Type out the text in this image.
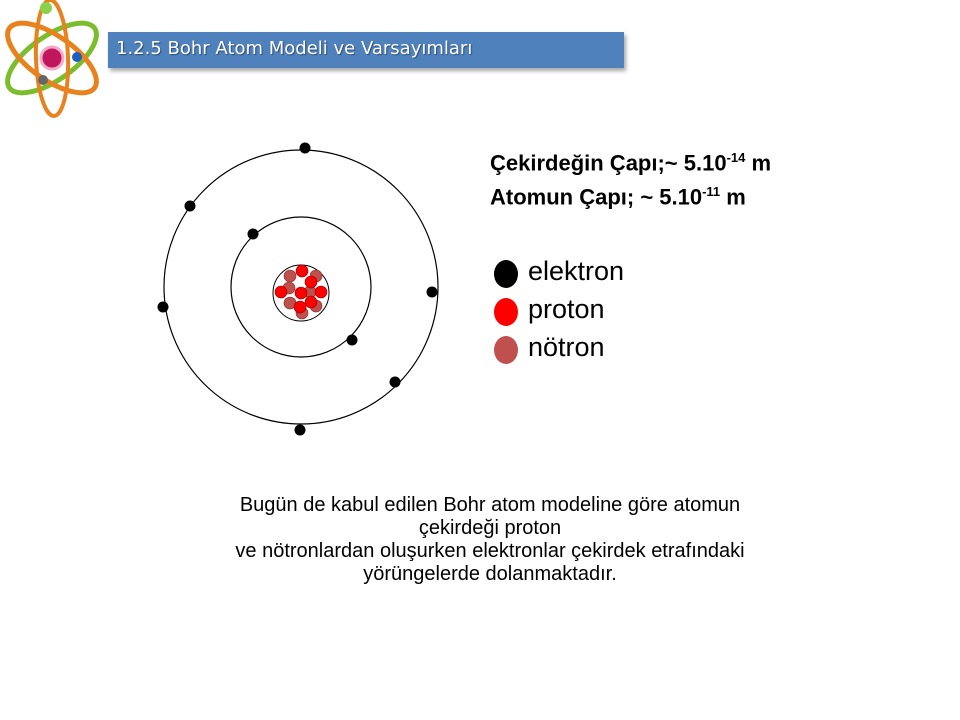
1.2.5 Bohr Atom Modeli ve Varsayımları
Çekirdeğin Çapı;~ $5.10^{-14}$ m
Atomun Çapı; ~ $5.10^{-11}$ m
elektron
proton
nötron
Bugün de kabul edilen Bohr atom modeline göre atomun
çekirdeği proton
ve nötronlardan oluşurken elektronlar çekirdek etrafındaki
yörüngelerde dolanmaktadır.
